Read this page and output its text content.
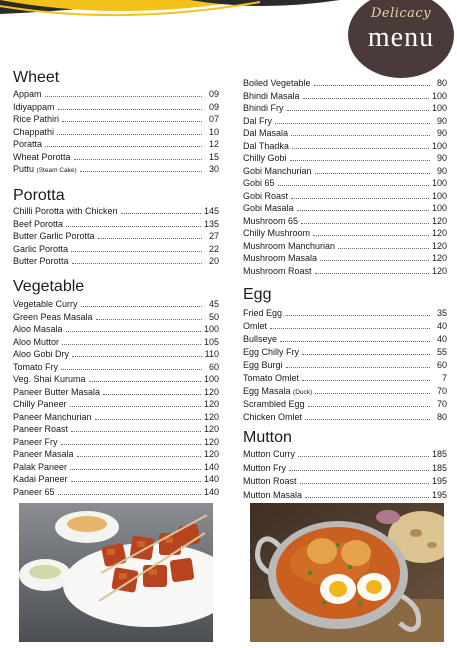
Delicacy
menu
Wheet
Appam	09
Idiyappam	09
Rice Pathiri	07
Chappathi	10
Poratta	12
Wheat Porotta	15
Puttu (Steam Cake)	30
Porotta
Chilli Porotta with Chicken	145
Beef Porotta	135
Butter Garlic Porotta	27
Garlic Porotta	22
Butter Porotta	20
Vegetable
Vegetable Curry	45
Green Peas Masala	50
Aloo Masala	100
Aloo Muttor	105
Aloo Gobi Dry	110
Tomato Fry	60
Veg. Shai Kuruma	100
Paneer Butter Masala	120
Chilly Paneer	120
Paneer Manchurian	120
Paneer Roast	120
Paneer Fry	120
Paneer Masala	120
Palak Paneer	140
Kadai Paneer	140
Paneer 65	140
Boiled Vegetable	80
Bhindi Masala	100
Bhindi Fry	100
Dal Fry	90
Dal Masala	90
Dal Thadka	100
Chilly Gobi	90
Gobi Manchurian	90
Gobi 65	100
Gobi Roast	100
Gobi Masala	100
Mushroom 65	120
Chilly Mushroom	120
Mushroom Manchurian	120
Mushroom Masala	120
Mushroom Roast	120
Egg
Fried Egg	35
Omlet	40
Bullseye	40
Egg Chilly Fry	55
Egg Burgi	60
Tomato Omlet	7
Egg Masala (Duck)	70
Scrambled Egg	70
Chicken Omlet	80
Mutton
Mutton Curry	185
Mutton Fry	185
Mutton Roast	195
Mutton Masala	195
